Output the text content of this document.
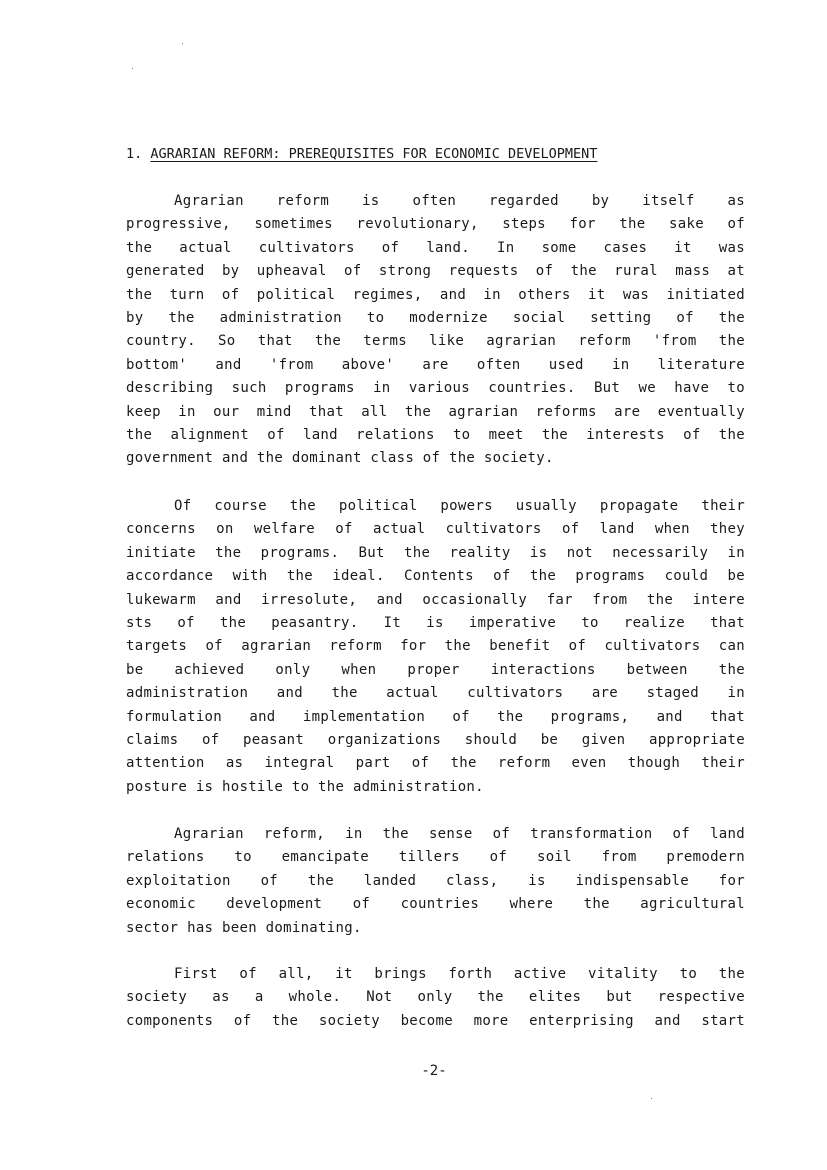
1. AGRARIAN REFORM: PREREQUISITES FOR ECONOMIC DEVELOPMENT
Agrarian reform is often regarded by itself as
progressive, sometimes revolutionary, steps for the sake of
the actual cultivators of land. In some cases it was
generated by upheaval of strong requests of the rural mass at
the turn of political regimes, and in others it was initiated
by the administration to modernize social setting of the
country. So that the terms like agrarian reform 'from the
bottom' and 'from above' are often used in literature
describing such programs in various countries. But we have to
keep in our mind that all the agrarian reforms are eventually
the alignment of land relations to meet the interests of the
government and the dominant class of the society.
Of course the political powers usually propagate their
concerns on welfare of actual cultivators of land when they
initiate the programs. But the reality is not necessarily in
accordance with the ideal. Contents of the programs could be
lukewarm and irresolute, and occasionally far from the intere
sts of the peasantry. It is imperative to realize that
targets of agrarian reform for the benefit of cultivators can
be achieved only when proper interactions between the
administration and the actual cultivators are staged in
formulation and implementation of the programs, and that
claims of peasant organizations should be given appropriate
attention as integral part of the reform even though their
posture is hostile to the administration.
Agrarian reform, in the sense of transformation of land
relations to emancipate tillers of soil from premodern
exploitation of the landed class, is indispensable for
economic development of countries where the agricultural
sector has been dominating.
First of all, it brings forth active vitality to the
society as a whole. Not only the elites but respective
components of the society become more enterprising and start
-2-
